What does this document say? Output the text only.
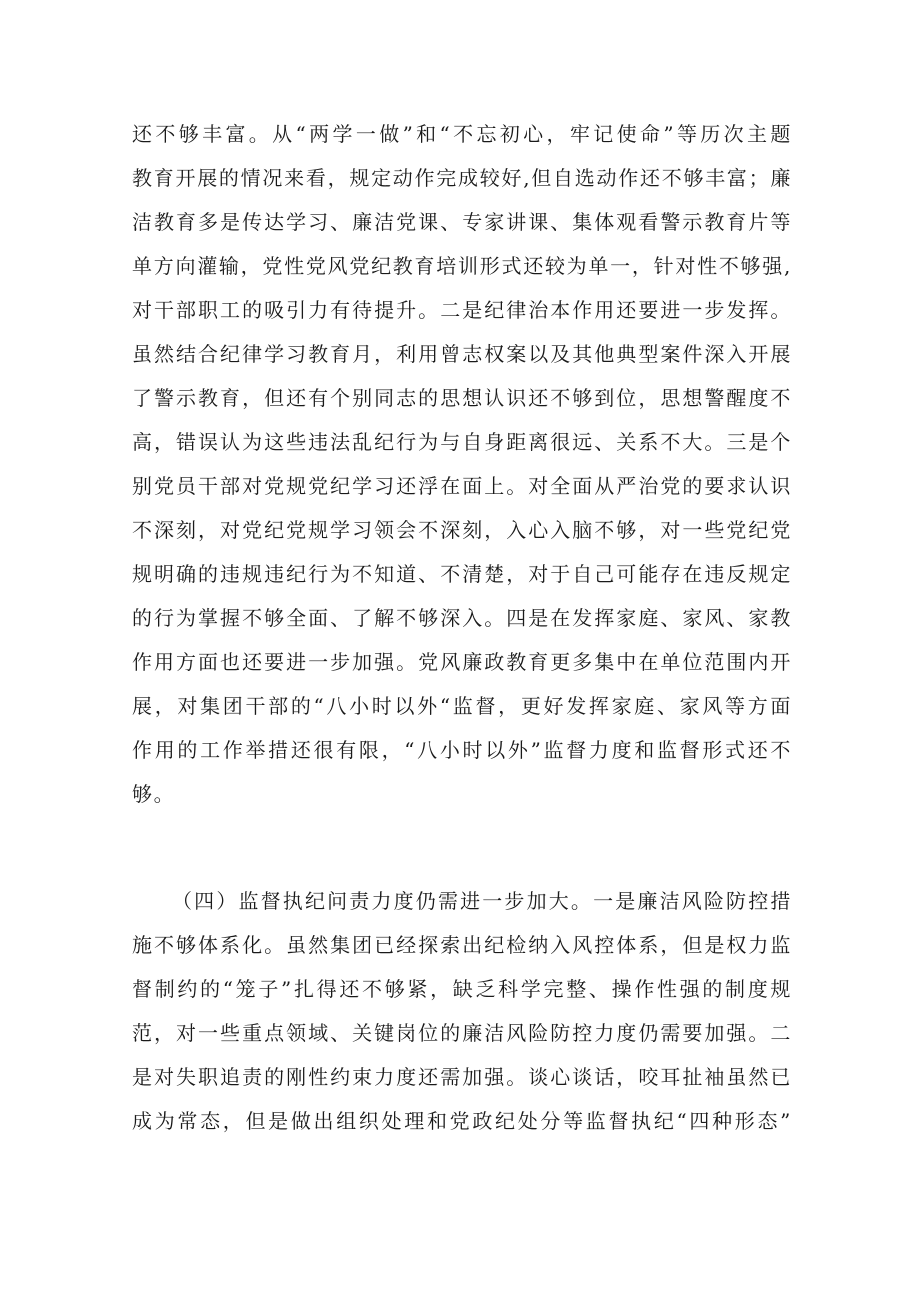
还不够丰富。从“两学一做”和“不忘初心，牢记使命”等历次主题
教育开展的情况来看，规定动作完成较好,但自选动作还不够丰富；廉
洁教育多是传达学习、廉洁党课、专家讲课、集体观看警示教育片等
单方向灌输，党性党风党纪教育培训形式还较为单一，针对性不够强,
对干部职工的吸引力有待提升。二是纪律治本作用还要进一步发挥。
虽然结合纪律学习教育月，利用曾志权案以及其他典型案件深入开展
了警示教育，但还有个别同志的思想认识还不够到位，思想警醒度不
高，错误认为这些违法乱纪行为与自身距离很远、关系不大。三是个
别党员干部对党规党纪学习还浮在面上。对全面从严治党的要求认识
不深刻，对党纪党规学习领会不深刻，入心入脑不够，对一些党纪党
规明确的违规违纪行为不知道、不清楚，对于自己可能存在违反规定
的行为掌握不够全面、了解不够深入。四是在发挥家庭、家风、家教
作用方面也还要进一步加强。党风廉政教育更多集中在单位范围内开
展，对集团干部的“八小时以外“监督，更好发挥家庭、家风等方面
作用的工作举措还很有限，“八小时以外”监督力度和监督形式还不
够。
（四）监督执纪问责力度仍需进一步加大。一是廉洁风险防控措
施不够体系化。虽然集团已经探索出纪检纳入风控体系，但是权力监
督制约的“笼子”扎得还不够紧，缺乏科学完整、操作性强的制度规
范，对一些重点领域、关键岗位的廉洁风险防控力度仍需要加强。二
是对失职追责的刚性约束力度还需加强。谈心谈话，咬耳扯袖虽然已
成为常态，但是做出组织处理和党政纪处分等监督执纪“四种形态”
